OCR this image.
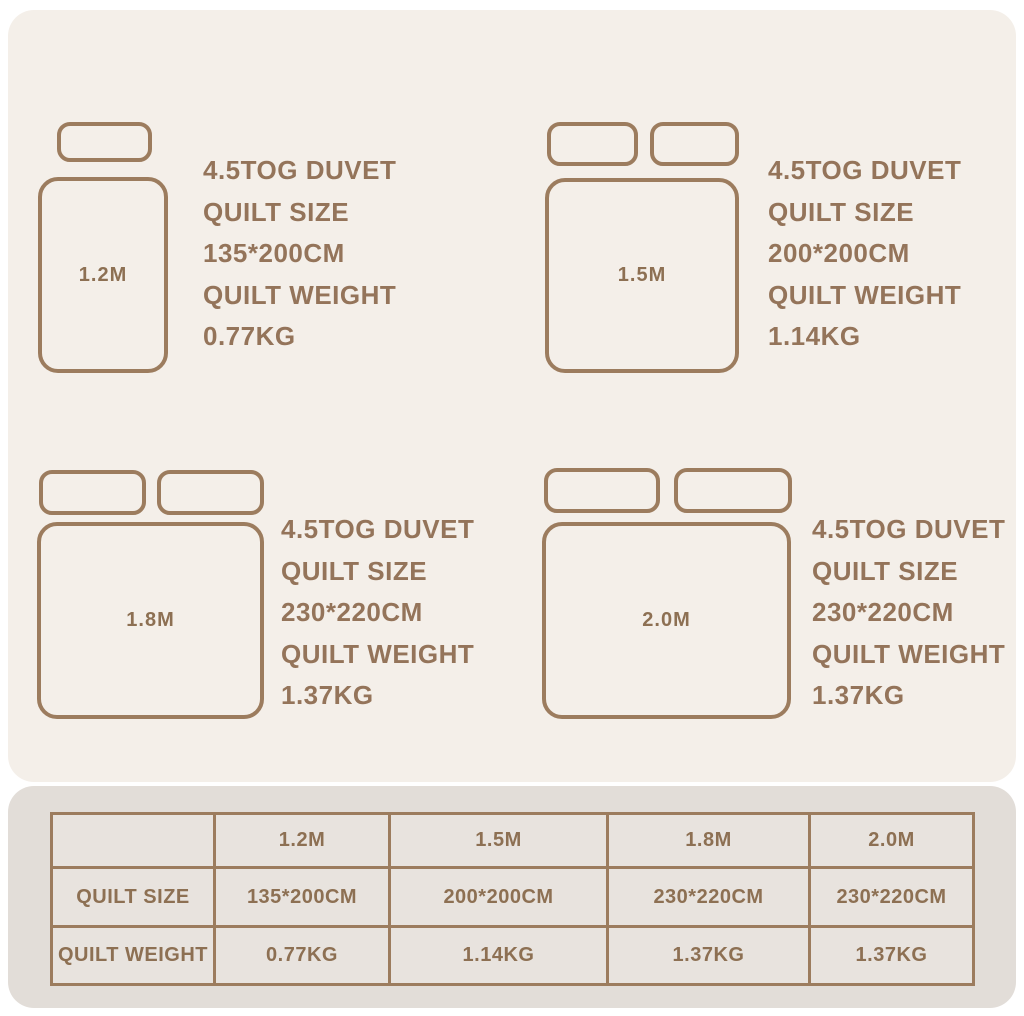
1.2M
4.5TOG DUVET
QUILT SIZE
135*200CM
QUILT WEIGHT
0.77KG
1.5M
4.5TOG DUVET
QUILT SIZE
200*200CM
QUILT WEIGHT
1.14KG
1.8M
4.5TOG DUVET
QUILT SIZE
230*220CM
QUILT WEIGHT
1.37KG
2.0M
4.5TOG DUVET
QUILT SIZE
230*220CM
QUILT WEIGHT
1.37KG
	1.2M	1.5M	1.8M	2.0M
QUILT SIZE	135*200CM	200*200CM	230*220CM	230*220CM
QUILT WEIGHT	0.77KG	1.14KG	1.37KG	1.37KG
